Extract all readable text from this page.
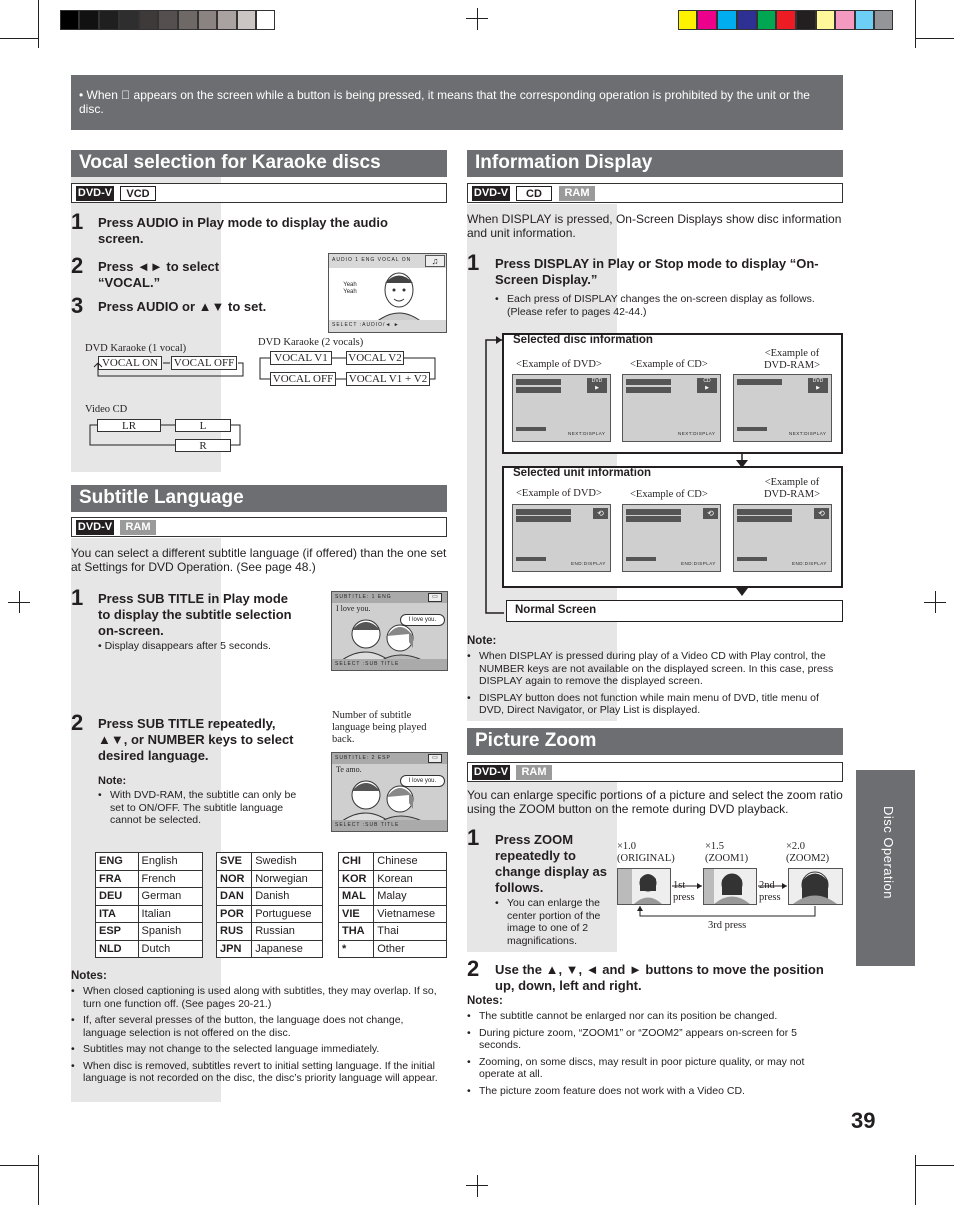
• When ⃠ appears on the screen while a button is being pressed, it means that the corresponding operation is prohibited by the unit or the disc.
Vocal selection for Karaoke discs
DVD-V	VCD
1 Press AUDIO in Play mode to display the audio screen.
2 Press ◄► to select “VOCAL.”
3 Press AUDIO or ▲▼ to set.
AUDIO 1 ENG VOCAL ON	♫
Yeah Yeah
SELECT :AUDIO/◄ ►
DVD Karaoke (1 vocal)
DVD Karaoke (2 vocals)
VOCAL ON	VOCAL OFF	VOCAL V1	VOCAL V2
VOCAL OFF VOCAL V1 + V2
Video CD
LR	L
R
Subtitle Language
DVD-V	RAM
You can select a different subtitle language (if offered) than the one set at Settings for DVD Operation. (See page 48.)
1 Press SUB TITLE in Play mode to display the subtitle selection on-screen.
• Display disappears after 5 seconds.
SUBTITLE: 1 ENG	▭
I love you.
I love you.
SELECT :SUB TITLE
2 Press SUB TITLE repeatedly, ▲▼, or NUMBER keys to select desired language.
Note:
• With DVD-RAM, the subtitle can only be set to ON/OFF. The subtitle language cannot be selected.
Number of subtitle language being played back.
SUBTITLE: 2 ESP	▭
Te amo.
I love you.
SELECT :SUB TITLE
ENG	English
FRA	French
DEU	German
ITA	Italian
ESP	Spanish
NLD	Dutch
SVE	Swedish
NOR	Norwegian
DAN	Danish
POR	Portuguese
RUS	Russian
JPN	Japanese
CHI	Chinese
KOR	Korean
MAL	Malay
VIE	Vietnamese
THA	Thai
*	Other
Notes:
• When closed captioning is used along with subtitles, they may overlap. If so, turn one function off. (See pages 20-21.)
• If, after several presses of the button, the language does not change, language selection is not offered on the disc.
• Subtitles may not change to the selected language immediately.
• When disc is removed, subtitles revert to initial setting language. If the initial language is not recorded on the disc, the disc’s priority language will appear.
Information Display
DVD-V	CD	RAM
When DISPLAY is pressed, On-Screen Displays show disc information and unit information.
1 Press DISPLAY in Play or Stop mode to display “On-Screen Display.”
• Each press of DISPLAY changes the on-screen display as follows. (Please refer to pages 42-44.)
Selected disc information
<Example of DVD>	<Example of CD>
<Example of DVD-RAM>
DVD
▶
NEXT:DISPLAY
CD
▶
NEXT:DISPLAY
DVD
▶
NEXT:DISPLAY
Selected unit information
<Example of DVD>	<Example of CD>
<Example of DVD-RAM>
⟲
END:DISPLAY
⟲
END:DISPLAY
⟲
END:DISPLAY
Normal Screen
Note:
• When DISPLAY is pressed during play of a Video CD with Play control, the NUMBER keys are not available on the displayed screen. In this case, press DISPLAY again to remove the displayed screen.
• DISPLAY button does not function while main menu of DVD, title menu of DVD, Direct Navigator, or Play List is displayed.
Picture Zoom
DVD-V	RAM
You can enlarge specific portions of a picture and select the zoom ratio using the ZOOM button on the remote during DVD playback.
1 Press ZOOM repeatedly to change display as follows.
• You can enlarge the center portion of the image to one of 2 magnifications.
×1.0
(ORIGINAL)
×1.5
(ZOOM1)
×2.0
(ZOOM2)
1st press
2nd press
3rd press
2 Use the ▲, ▼, ◄ and ► buttons to move the position up, down, left and right.
Notes:
• The subtitle cannot be enlarged nor can its position be changed.
• During picture zoom, “ZOOM1” or “ZOOM2” appears on-screen for 5 seconds.
• Zooming, on some discs, may result in poor picture quality, or may not operate at all.
• The picture zoom feature does not work with a Video CD.
Disc Operation
39
